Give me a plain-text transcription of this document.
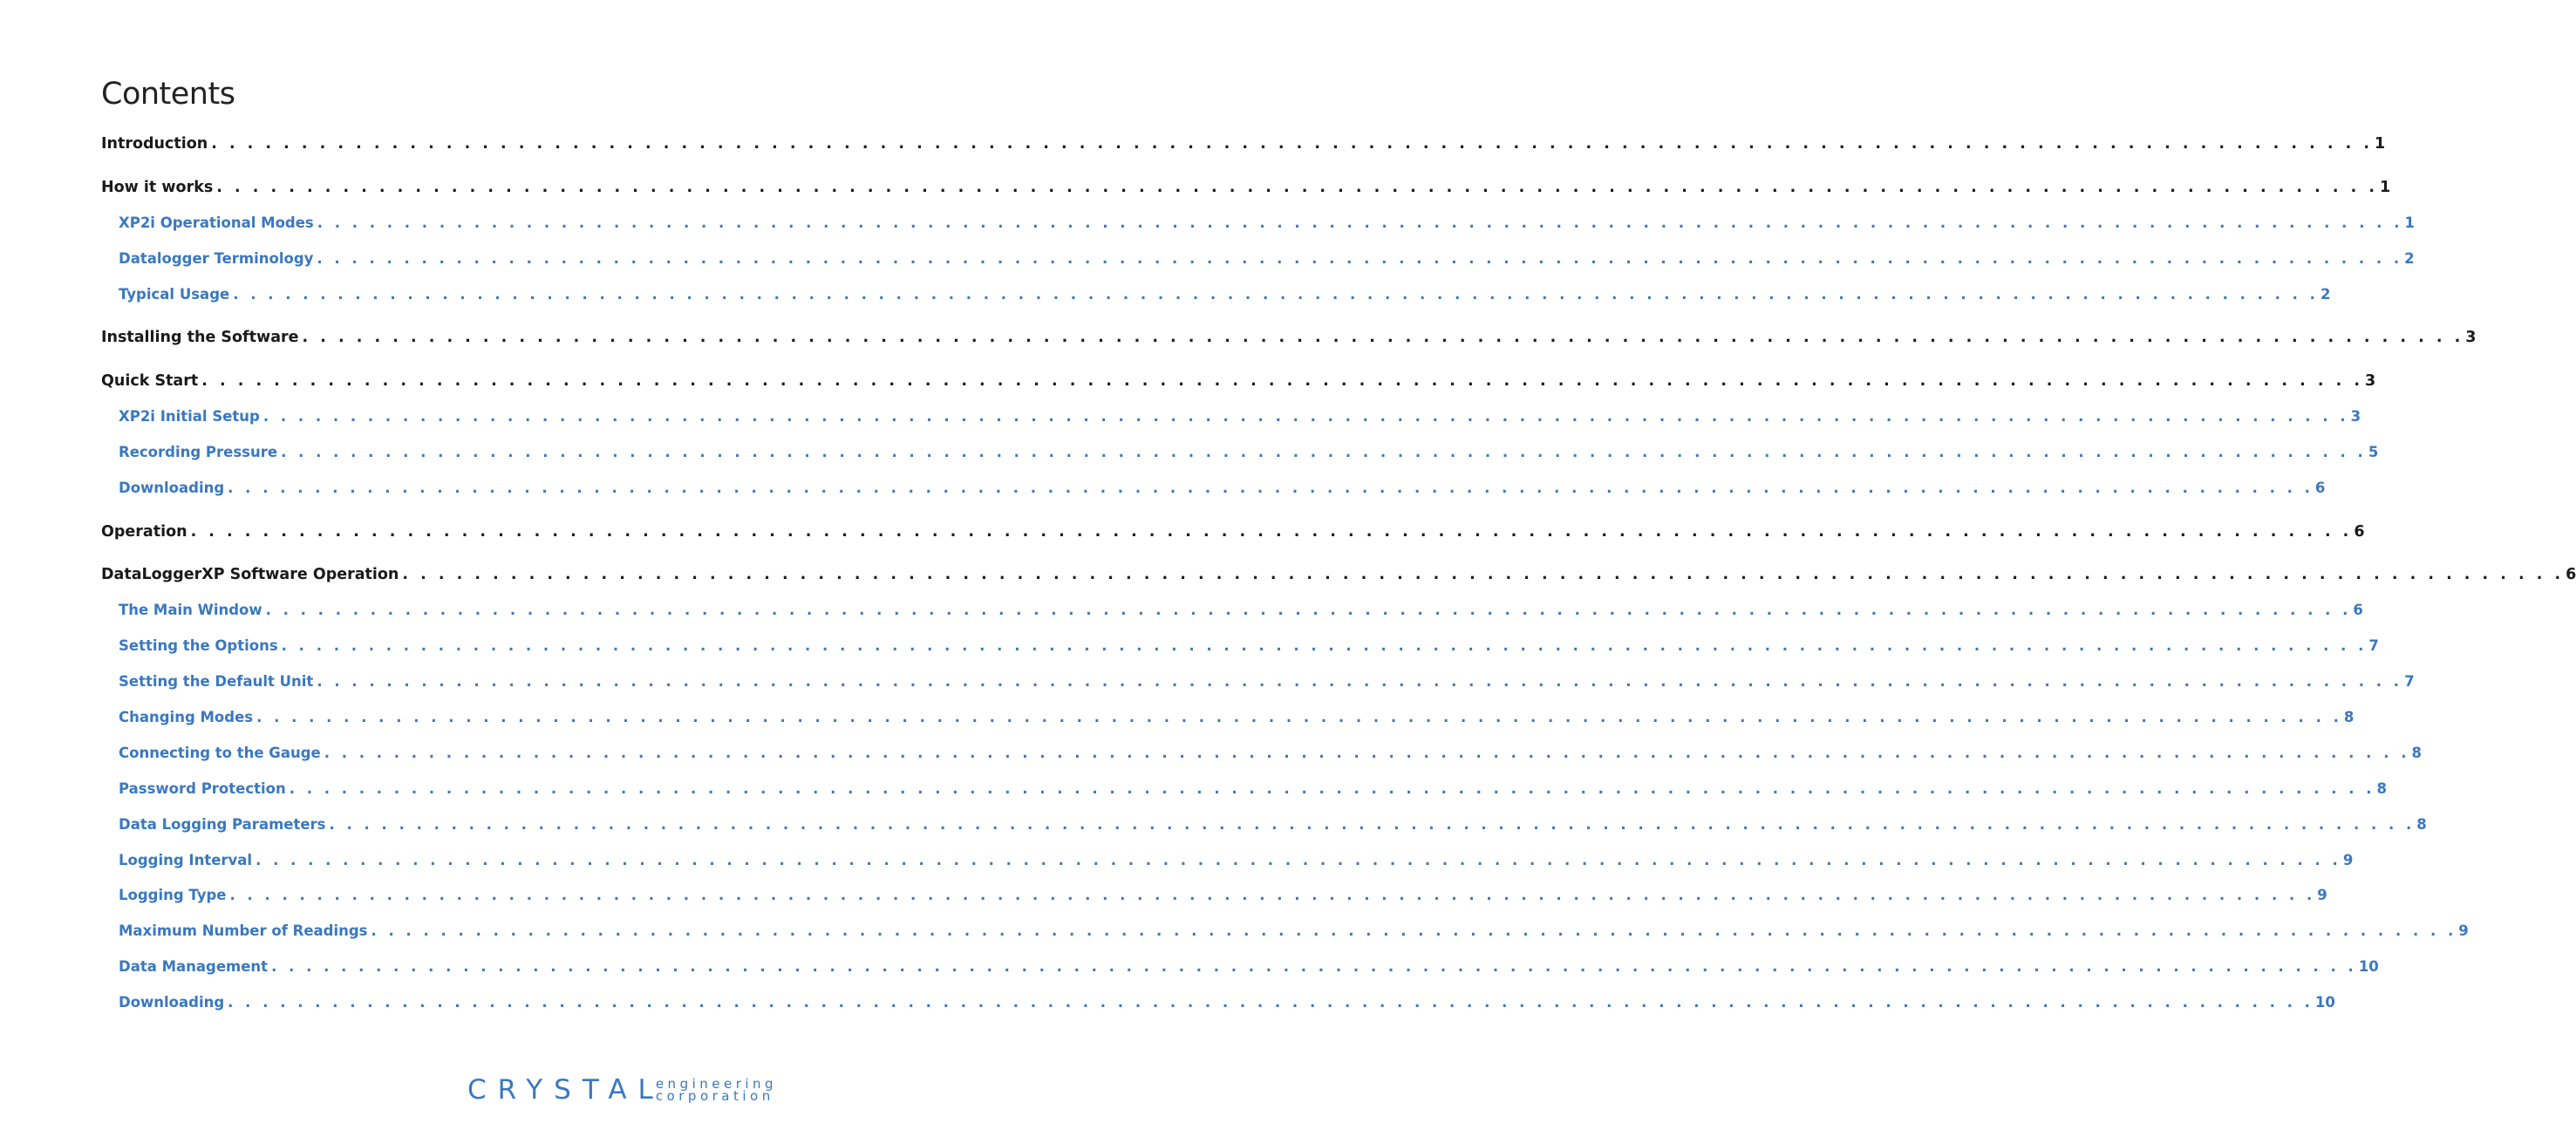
Contents
Introduction . . . . . . . . . . . . . . . . . . . . . . . . . . . . . . . . . . . . . . . . . . . . . . . . . . . . . . . . . . . . . . . . . . . . . . . . . . . . . . . . . . . . . . . . . . . . . . . . . . . . . . . . . . . . . . . . . . . . . . . . 1
How it works . . . . . . . . . . . . . . . . . . . . . . . . . . . . . . . . . . . . . . . . . . . . . . . . . . . . . . . . . . . . . . . . . . . . . . . . . . . . . . . . . . . . . . . . . . . . . . . . . . . . . . . . . . . . . . . . . . . . . . . . 1
XP2i Operational Modes . . . . . . . . . . . . . . . . . . . . . . . . . . . . . . . . . . . . . . . . . . . . . . . . . . . . . . . . . . . . . . . . . . . . . . . . . . . . . . . . . . . . . . . . . . . . . . . . . . . . . . . . . . . . . . . . . . . . . . . . 1
Datalogger Terminology . . . . . . . . . . . . . . . . . . . . . . . . . . . . . . . . . . . . . . . . . . . . . . . . . . . . . . . . . . . . . . . . . . . . . . . . . . . . . . . . . . . . . . . . . . . . . . . . . . . . . . . . . . . . . . . . . . . . . . . . 2
Typical Usage . . . . . . . . . . . . . . . . . . . . . . . . . . . . . . . . . . . . . . . . . . . . . . . . . . . . . . . . . . . . . . . . . . . . . . . . . . . . . . . . . . . . . . . . . . . . . . . . . . . . . . . . . . . . . . . . . . . . . . . . 2
Installing the Software . . . . . . . . . . . . . . . . . . . . . . . . . . . . . . . . . . . . . . . . . . . . . . . . . . . . . . . . . . . . . . . . . . . . . . . . . . . . . . . . . . . . . . . . . . . . . . . . . . . . . . . . . . . . . . . . . . . . . . . . 3
Quick Start . . . . . . . . . . . . . . . . . . . . . . . . . . . . . . . . . . . . . . . . . . . . . . . . . . . . . . . . . . . . . . . . . . . . . . . . . . . . . . . . . . . . . . . . . . . . . . . . . . . . . . . . . . . . . . . . . . . . . . . . 3
XP2i Initial Setup . . . . . . . . . . . . . . . . . . . . . . . . . . . . . . . . . . . . . . . . . . . . . . . . . . . . . . . . . . . . . . . . . . . . . . . . . . . . . . . . . . . . . . . . . . . . . . . . . . . . . . . . . . . . . . . . . . . . . . . . 3
Recording Pressure . . . . . . . . . . . . . . . . . . . . . . . . . . . . . . . . . . . . . . . . . . . . . . . . . . . . . . . . . . . . . . . . . . . . . . . . . . . . . . . . . . . . . . . . . . . . . . . . . . . . . . . . . . . . . . . . . . . . . . . . 5
Downloading . . . . . . . . . . . . . . . . . . . . . . . . . . . . . . . . . . . . . . . . . . . . . . . . . . . . . . . . . . . . . . . . . . . . . . . . . . . . . . . . . . . . . . . . . . . . . . . . . . . . . . . . . . . . . . . . . . . . . . . . 6
Operation . . . . . . . . . . . . . . . . . . . . . . . . . . . . . . . . . . . . . . . . . . . . . . . . . . . . . . . . . . . . . . . . . . . . . . . . . . . . . . . . . . . . . . . . . . . . . . . . . . . . . . . . . . . . . . . . . . . . . . . . 6
DataLoggerXP Software Operation . . . . . . . . . . . . . . . . . . . . . . . . . . . . . . . . . . . . . . . . . . . . . . . . . . . . . . . . . . . . . . . . . . . . . . . . . . . . . . . . . . . . . . . . . . . . . . . . . . . . . . . . . . . . . . . . . . . . . . . . 6
The Main Window . . . . . . . . . . . . . . . . . . . . . . . . . . . . . . . . . . . . . . . . . . . . . . . . . . . . . . . . . . . . . . . . . . . . . . . . . . . . . . . . . . . . . . . . . . . . . . . . . . . . . . . . . . . . . . . . . . . . . . . . 6
Setting the Options . . . . . . . . . . . . . . . . . . . . . . . . . . . . . . . . . . . . . . . . . . . . . . . . . . . . . . . . . . . . . . . . . . . . . . . . . . . . . . . . . . . . . . . . . . . . . . . . . . . . . . . . . . . . . . . . . . . . . . . . 7
Setting the Default Unit . . . . . . . . . . . . . . . . . . . . . . . . . . . . . . . . . . . . . . . . . . . . . . . . . . . . . . . . . . . . . . . . . . . . . . . . . . . . . . . . . . . . . . . . . . . . . . . . . . . . . . . . . . . . . . . . . . . . . . . . 7
Changing Modes . . . . . . . . . . . . . . . . . . . . . . . . . . . . . . . . . . . . . . . . . . . . . . . . . . . . . . . . . . . . . . . . . . . . . . . . . . . . . . . . . . . . . . . . . . . . . . . . . . . . . . . . . . . . . . . . . . . . . . . . 8
Connecting to the Gauge . . . . . . . . . . . . . . . . . . . . . . . . . . . . . . . . . . . . . . . . . . . . . . . . . . . . . . . . . . . . . . . . . . . . . . . . . . . . . . . . . . . . . . . . . . . . . . . . . . . . . . . . . . . . . . . . . . . . . . . . 8
Password Protection . . . . . . . . . . . . . . . . . . . . . . . . . . . . . . . . . . . . . . . . . . . . . . . . . . . . . . . . . . . . . . . . . . . . . . . . . . . . . . . . . . . . . . . . . . . . . . . . . . . . . . . . . . . . . . . . . . . . . . . . 8
Data Logging Parameters . . . . . . . . . . . . . . . . . . . . . . . . . . . . . . . . . . . . . . . . . . . . . . . . . . . . . . . . . . . . . . . . . . . . . . . . . . . . . . . . . . . . . . . . . . . . . . . . . . . . . . . . . . . . . . . . . . . . . . . . 8
Logging Interval . . . . . . . . . . . . . . . . . . . . . . . . . . . . . . . . . . . . . . . . . . . . . . . . . . . . . . . . . . . . . . . . . . . . . . . . . . . . . . . . . . . . . . . . . . . . . . . . . . . . . . . . . . . . . . . . . . . . . . . . 9
Logging Type . . . . . . . . . . . . . . . . . . . . . . . . . . . . . . . . . . . . . . . . . . . . . . . . . . . . . . . . . . . . . . . . . . . . . . . . . . . . . . . . . . . . . . . . . . . . . . . . . . . . . . . . . . . . . . . . . . . . . . . . 9
Maximum Number of Readings . . . . . . . . . . . . . . . . . . . . . . . . . . . . . . . . . . . . . . . . . . . . . . . . . . . . . . . . . . . . . . . . . . . . . . . . . . . . . . . . . . . . . . . . . . . . . . . . . . . . . . . . . . . . . . . . . . . . . . . . 9
Data Management . . . . . . . . . . . . . . . . . . . . . . . . . . . . . . . . . . . . . . . . . . . . . . . . . . . . . . . . . . . . . . . . . . . . . . . . . . . . . . . . . . . . . . . . . . . . . . . . . . . . . . . . . . . . . . . . . . . . . . . . 10
Downloading . . . . . . . . . . . . . . . . . . . . . . . . . . . . . . . . . . . . . . . . . . . . . . . . . . . . . . . . . . . . . . . . . . . . . . . . . . . . . . . . . . . . . . . . . . . . . . . . . . . . . . . . . . . . . . . . . . . . . . . . 10
CRYSTAL
engineering
corporation
